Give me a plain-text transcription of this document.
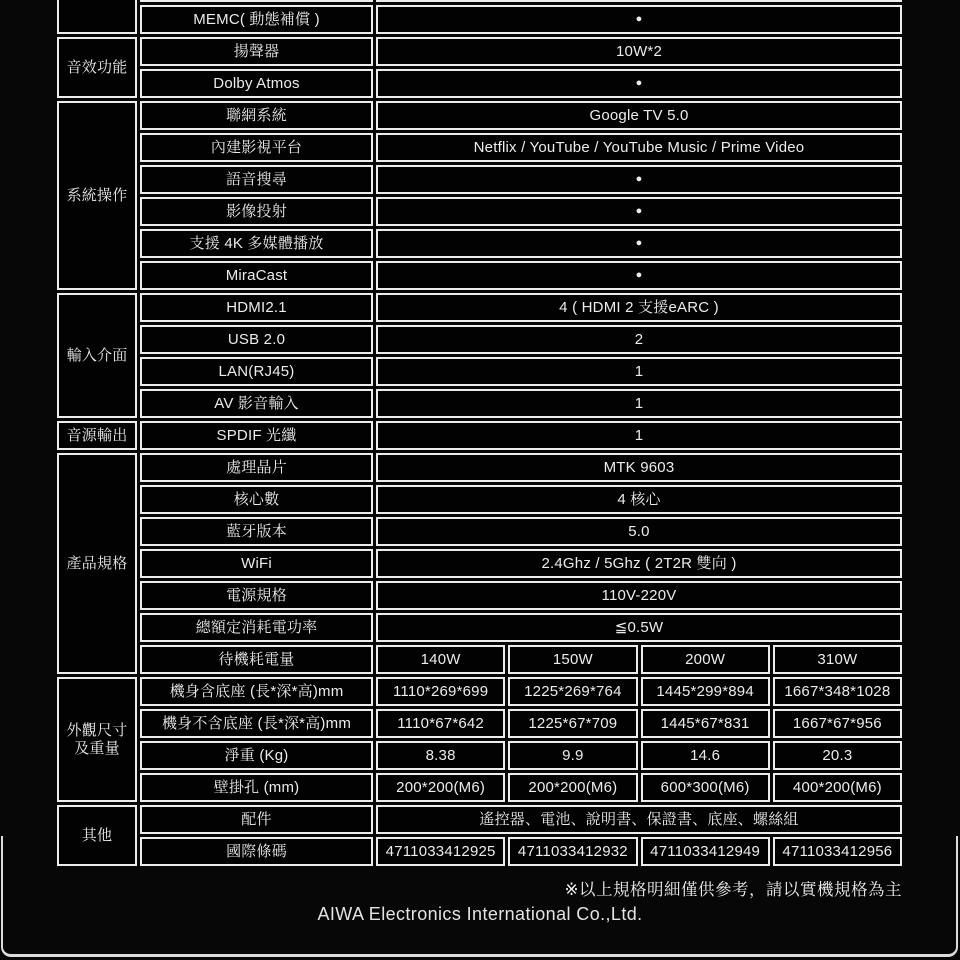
MEMC( 動態補償 )	●
音效功能
揚聲器	10W*2
Dolby Atmos	●
系統操作
聯網系統	Google TV 5.0
內建影視平台	Netflix / YouTube / YouTube Music / Prime Video
語音搜尋	●
影像投射	●
支援 4K 多媒體播放	●
MiraCast	●
輸入介面
HDMI2.1	4 ( HDMI 2 支援eARC )
USB 2.0	2
LAN(RJ45)	1
AV 影音輸入	1
音源輸出	SPDIF 光纖	1
產品規格
處理晶片	MTK 9603
核心數	4 核心
藍牙版本	5.0
WiFi	2.4Ghz / 5Ghz ( 2T2R 雙向 )
電源規格	110V-220V
總額定消耗電功率	≦0.5W
待機耗電量	140W	150W	200W	310W
外觀尺寸 及重量
機身含底座 (長*深*高)mm	1110*269*699	1225*269*764	1445*299*894	1667*348*1028
機身不含底座 (長*深*高)mm	1110*67*642	1225*67*709	1445*67*831	1667*67*956
淨重 (Kg)	8.38	9.9	14.6	20.3
壁掛孔 (mm)	200*200(M6)	200*200(M6)	600*300(M6)	400*200(M6)
其他
配件	遙控器、電池、說明書、保證書、底座、螺絲組
國際條碼	4711033412925	4711033412932	4711033412949	4711033412956
※以上規格明細僅供參考，請以實機規格為主
AIWA Electronics International Co.,Ltd.
